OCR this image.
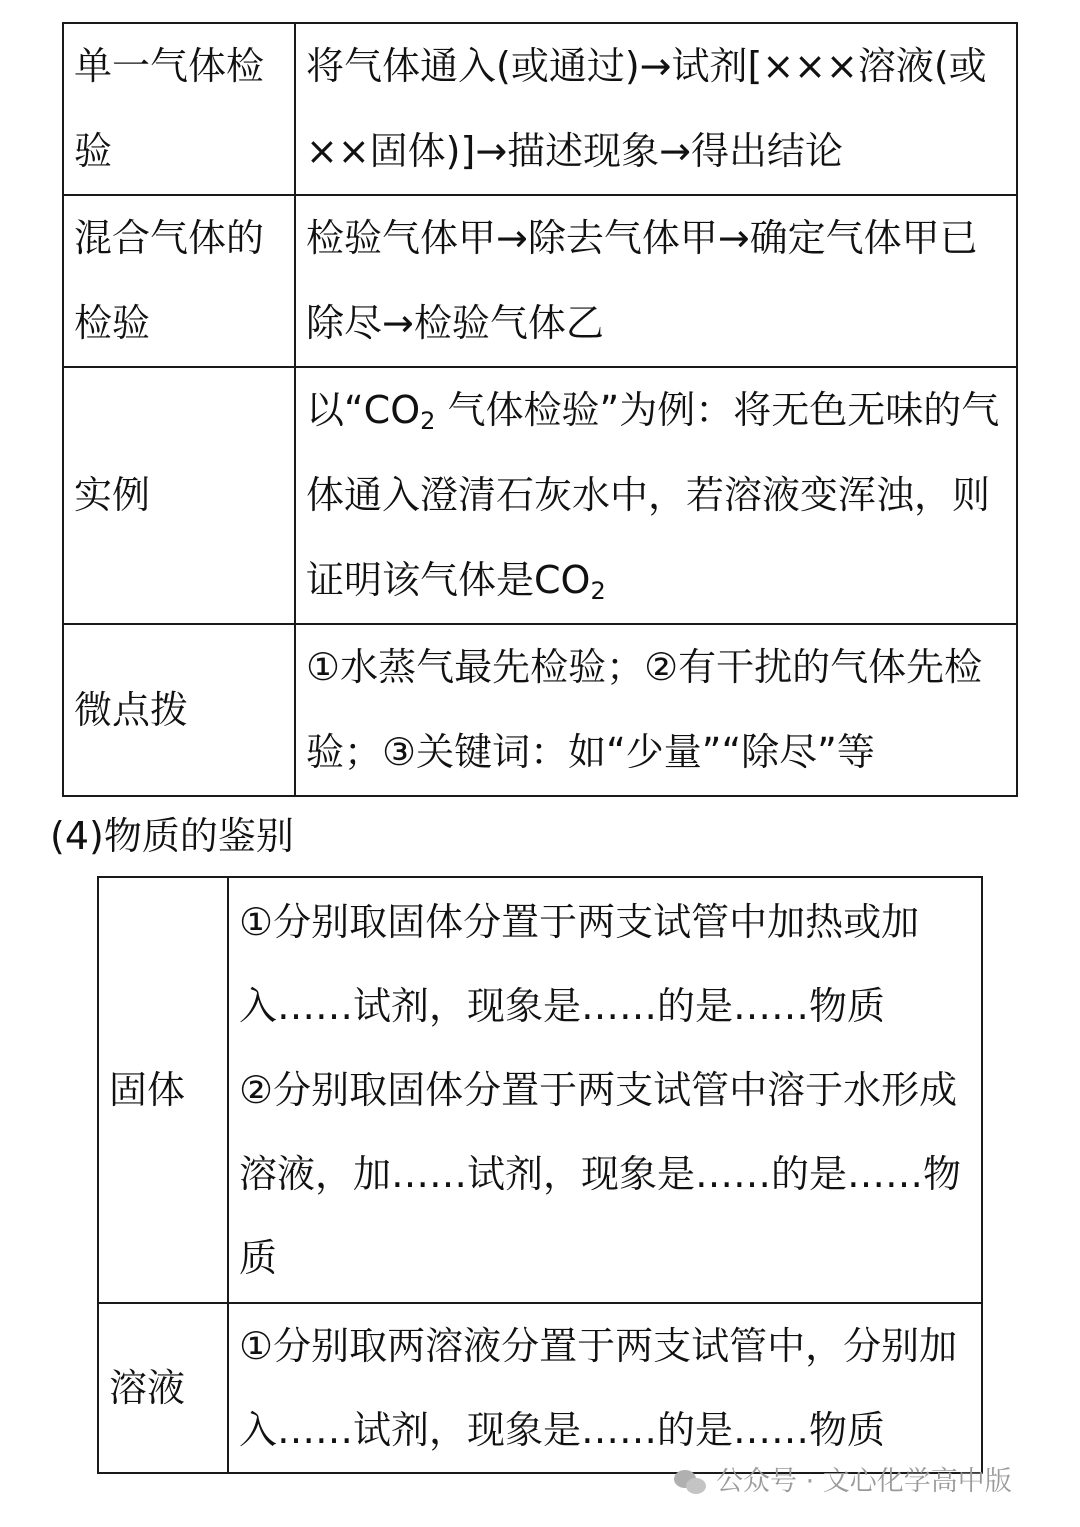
单一气体检验	将气体通入(或通过)→试剂[×××溶液(或××固体)]→描述现象→得出结论
混合气体的检验	检验气体甲→除去气体甲→确定气体甲已除尽→检验气体乙
实例	以“$CO_2$ 气体检验”为例：将无色无味的气体通入澄清石灰水中，若溶液变浑浊，则证明该气体是$CO_2$
微点拨	①水蒸气最先检验；②有干扰的气体先检验；③关键词：如“少量”“除尽”等
(4)物质的鉴别
固体	①分别取固体分置于两支试管中加热或加入……试剂，现象是……的是……物质
②分别取固体分置于两支试管中溶于水形成溶液，加……试剂，现象是……的是……物质

溶液	①分别取两溶液分置于两支试管中，分别加入……试剂，现象是……的是……物质
公众号 · 文心化学高中版
